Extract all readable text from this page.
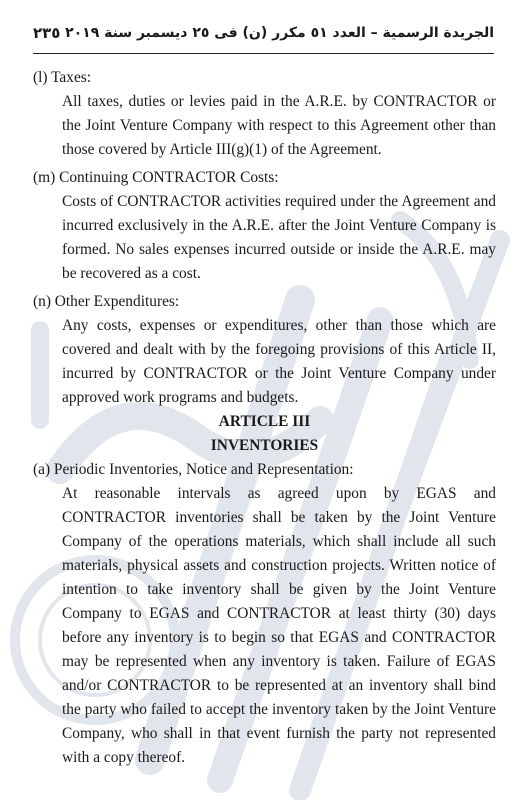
الجريدة الرسمية – العدد ٥١ مكرر (ن) فى ٢٥ ديسمبر سنة ٢٠١٩
٢٣٥

(l) Taxes:

All taxes, duties or levies paid in the A.R.E. by CONTRACTOR or the Joint Venture Company with respect to this Agreement other than those covered by Article III(g)(1) of the Agreement.

(m) Continuing CONTRACTOR Costs:

Costs of CONTRACTOR activities required under the Agreement and incurred exclusively in the A.R.E. after the Joint Venture Company is formed. No sales expenses incurred outside or inside the A.R.E. may be recovered as a cost.

(n) Other Expenditures:

Any costs, expenses or expenditures, other than those which are covered and dealt with by the foregoing provisions of this Article II, incurred by CONTRACTOR or the Joint Venture Company under approved work programs and budgets.

ARTICLE III

INVENTORIES

(a) Periodic Inventories, Notice and Representation:

At reasonable intervals as agreed upon by EGAS and CONTRACTOR inventories shall be taken by the Joint Venture Company of the operations materials, which shall include all such materials, physical assets and construction projects. Written notice of intention to take inventory shall be given by the Joint Venture Company to EGAS and CONTRACTOR at least thirty (30) days before any inventory is to begin so that EGAS and CONTRACTOR may be represented when any inventory is taken. Failure of EGAS and/or CONTRACTOR to be represented at an inventory shall bind the party who failed to accept the inventory taken by the Joint Venture Company, who shall in that event furnish the party not represented with a copy thereof.
